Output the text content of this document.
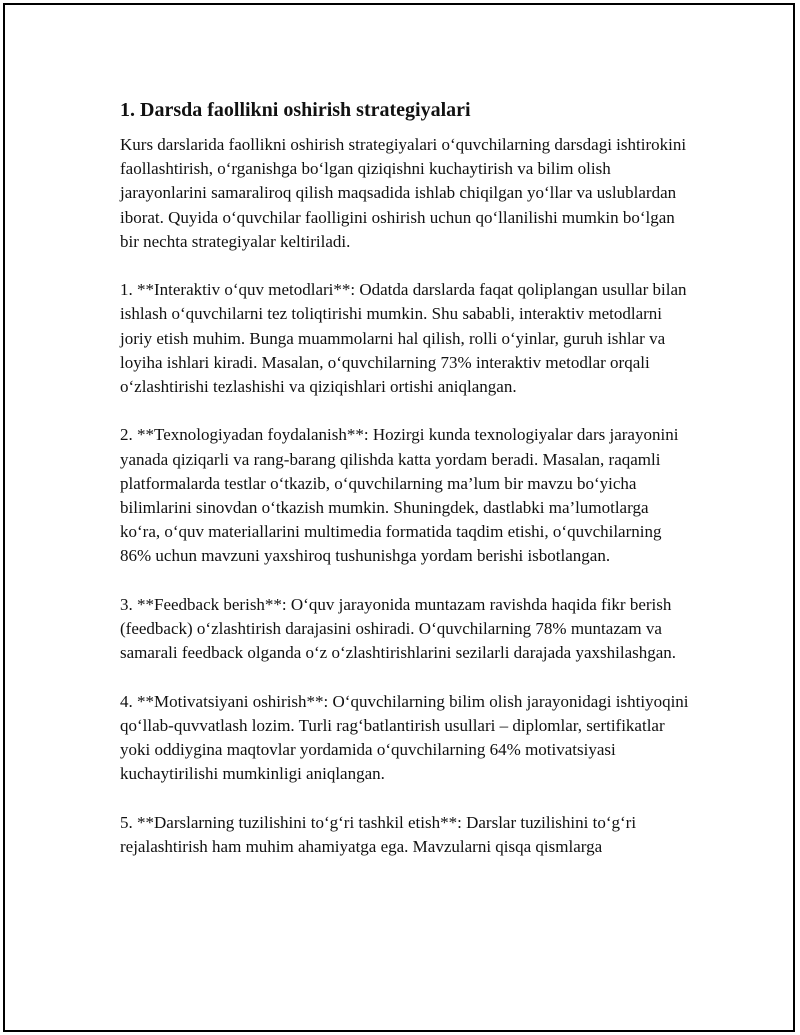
1. Darsda faollikni oshirish strategiyalari

Kurs darslarida faollikni oshirish strategiyalari o‘quvchilarning darsdagi ishtirokini faollashtirish, o‘rganishga bo‘lgan qiziqishni kuchaytirish va bilim olish jarayonlarini samaraliroq qilish maqsadida ishlab chiqilgan yo‘llar va uslublardan iborat. Quyida o‘quvchilar faolligini oshirish uchun qo‘llanilishi mumkin bo‘lgan bir nechta strategiyalar keltiriladi.

1. **Interaktiv o‘quv metodlari**: Odatda darslarda faqat qoliplangan usullar bilan ishlash o‘quvchilarni tez toliqtirishi mumkin. Shu sababli, interaktiv metodlarni joriy etish muhim. Bunga muammolarni hal qilish, rolli o‘yinlar, guruh ishlar va loyiha ishlari kiradi. Masalan, o‘quvchilarning 73% interaktiv metodlar orqali o‘zlashtirishi tezlashishi va qiziqishlari ortishi aniqlangan.

2. **Texnologiyadan foydalanish**: Hozirgi kunda texnologiyalar dars jarayonini yanada qiziqarli va rang-barang qilishda katta yordam beradi. Masalan, raqamli platformalarda testlar o‘tkazib, o‘quvchilarning ma’lum bir mavzu bo‘yicha bilimlarini sinovdan o‘tkazish mumkin. Shuningdek, dastlabki ma’lumotlarga ko‘ra, o‘quv materiallarini multimedia formatida taqdim etishi, o‘quvchilarning 86% uchun mavzuni yaxshiroq tushunishga yordam berishi isbotlangan.

3. **Feedback berish**: O‘quv jarayonida muntazam ravishda haqida fikr berish (feedback) o‘zlashtirish darajasini oshiradi. O‘quvchilarning 78% muntazam va samarali feedback olganda o‘z o‘zlashtirishlarini sezilarli darajada yaxshilashgan.

4. **Motivatsiyani oshirish**: O‘quvchilarning bilim olish jarayonidagi ishtiyoqini qo‘llab-quvvatlash lozim. Turli rag‘batlantirish usullari – diplomlar, sertifikatlar yoki oddiygina maqtovlar yordamida o‘quvchilarning 64% motivatsiyasi kuchaytirilishi mumkinligi aniqlangan.

5. **Darslarning tuzilishini to‘g‘ri tashkil etish**: Darslar tuzilishini to‘g‘ri rejalashtirish ham muhim ahamiyatga ega. Mavzularni qisqa qismlarga
